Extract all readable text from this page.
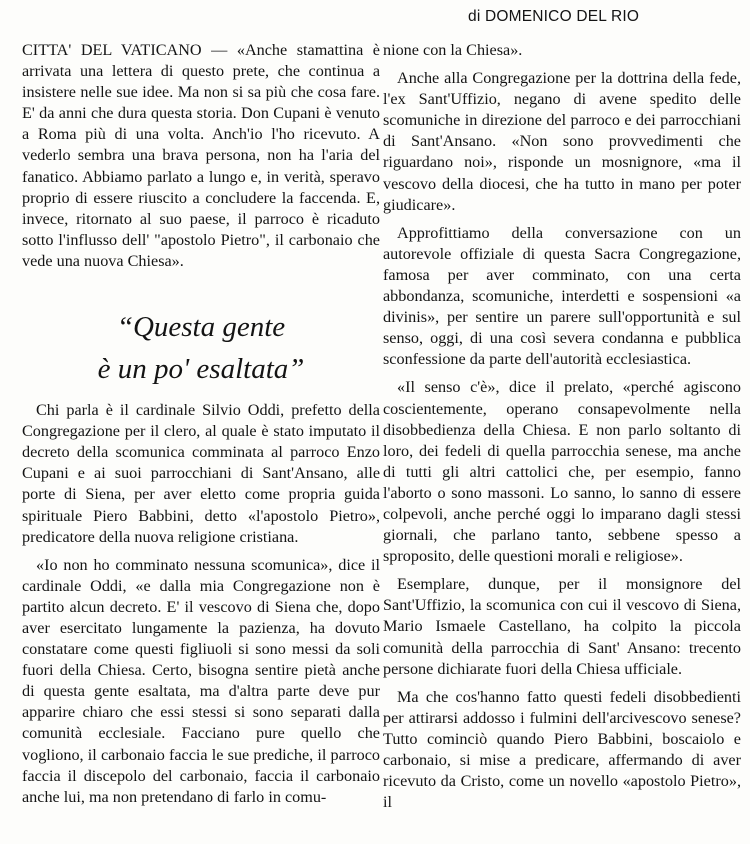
di DOMENICO DEL RIO

CITTA' DEL VATICANO — «Anche stamattina è arrivata una lettera di questo prete, che continua a insistere nelle sue idee. Ma non si sa più che cosa fare. E' da anni che dura questa storia. Don Cupani è venuto a Roma più di una volta. Anch'io l'ho ricevuto. A vederlo sembra una brava persona, non ha l'aria del fanatico. Abbiamo parlato a lungo e, in verità, speravo proprio di essere riuscito a concludere la faccenda. E, invece, ritornato al suo paese, il parroco è ricaduto sotto l'influsso dell' "apostolo Pietro", il carbonaio che vede una nuova Chiesa».

“Questa gente
è un po' esaltata”

Chi parla è il cardinale Silvio Oddi, prefetto della Congregazione per il clero, al quale è stato imputato il decreto della scomunica comminata al parroco Enzo Cupani e ai suoi parrocchiani di Sant'Ansano, alle porte di Siena, per aver eletto come propria guida spirituale Piero Babbini, detto «l'apostolo Pietro», predicatore della nuova religione cristiana.

«Io non ho comminato nessuna scomunica», dice il cardinale Oddi, «e dalla mia Congregazione non è partito alcun decreto. E' il vescovo di Siena che, dopo aver esercitato lungamente la pazienza, ha dovuto constatare come questi figliuoli si sono messi da soli fuori della Chiesa. Certo, bisogna sentire pietà anche di questa gente esaltata, ma d'altra parte deve pur apparire chiaro che essi stessi si sono separati dalla comunità ecclesiale. Facciano pure quello che vogliono, il carbonaio faccia le sue prediche, il parroco faccia il discepolo del carbonaio, faccia il carbonaio anche lui, ma non pretendano di farlo in comu-

nione con la Chiesa».

Anche alla Congregazione per la dottrina della fede, l'ex Sant'Uffizio, negano di avene spedito delle scomuniche in direzione del parroco e dei parrocchiani di Sant'Ansano. «Non sono provvedimenti che riguardano noi», risponde un mosnignore, «ma il vescovo della diocesi, che ha tutto in mano per poter giudicare».

Approfittiamo della conversazione con un autorevole offiziale di questa Sacra Congregazione, famosa per aver comminato, con una certa abbondanza, scomuniche, interdetti e sospensioni «a divinis», per sentire un parere sull'opportunità e sul senso, oggi, di una così severa condanna e pubblica sconfessione da parte dell'autorità ecclesiastica.

«Il senso c'è», dice il prelato, «perché agiscono coscientemente, operano consapevolmente nella disobbedienza della Chiesa. E non parlo soltanto di loro, dei fedeli di quella parrocchia senese, ma anche di tutti gli altri cattolici che, per esempio, fanno l'aborto o sono massoni. Lo sanno, lo sanno di essere colpevoli, anche perché oggi lo imparano dagli stessi giornali, che parlano tanto, sebbene spesso a sproposito, delle questioni morali e religiose».

Esemplare, dunque, per il monsignore del Sant'Uffizio, la scomunica con cui il vescovo di Siena, Mario Ismaele Castellano, ha colpito la piccola comunità della parrocchia di Sant' Ansano: trecento persone dichiarate fuori della Chiesa ufficiale.

Ma che cos'hanno fatto questi fedeli disobbedienti per attirarsi addosso i fulmini dell'arcivescovo senese? Tutto cominciò quando Piero Babbini, boscaiolo e carbonaio, si mise a predicare, affermando di aver ricevuto da Cristo, come un novello «apostolo Pietro», il
